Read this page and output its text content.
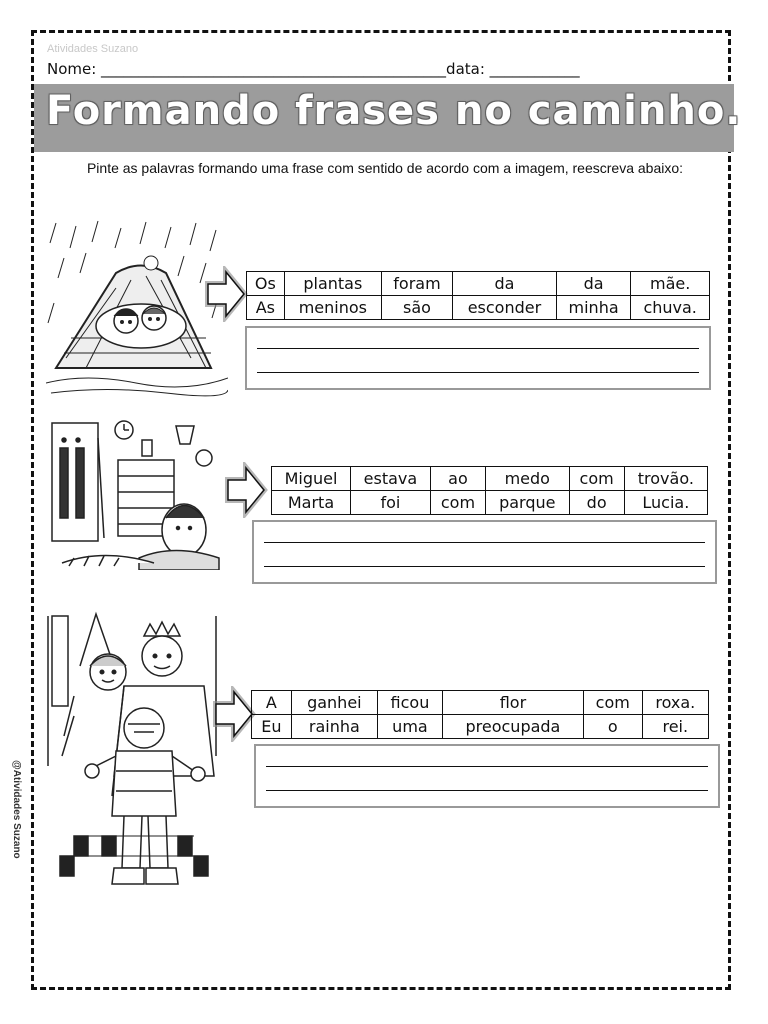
Atividades Suzano
Nome: ______________________________________________data: ____________
Formando frases no caminho.
Pinte as palavras formando uma frase com sentido de acordo com a imagem, reescreva abaixo:
@Atividades Suzano
Os	plantas	foram	da	da	mãe.
As	meninos	são	esconder	minha	chuva.
Miguel	estava	ao	medo	com	trovão.
Marta	foi	com	parque	do	Lucia.
A	ganhei	ficou	flor	com	roxa.
Eu	rainha	uma	preocupada	o	rei.
